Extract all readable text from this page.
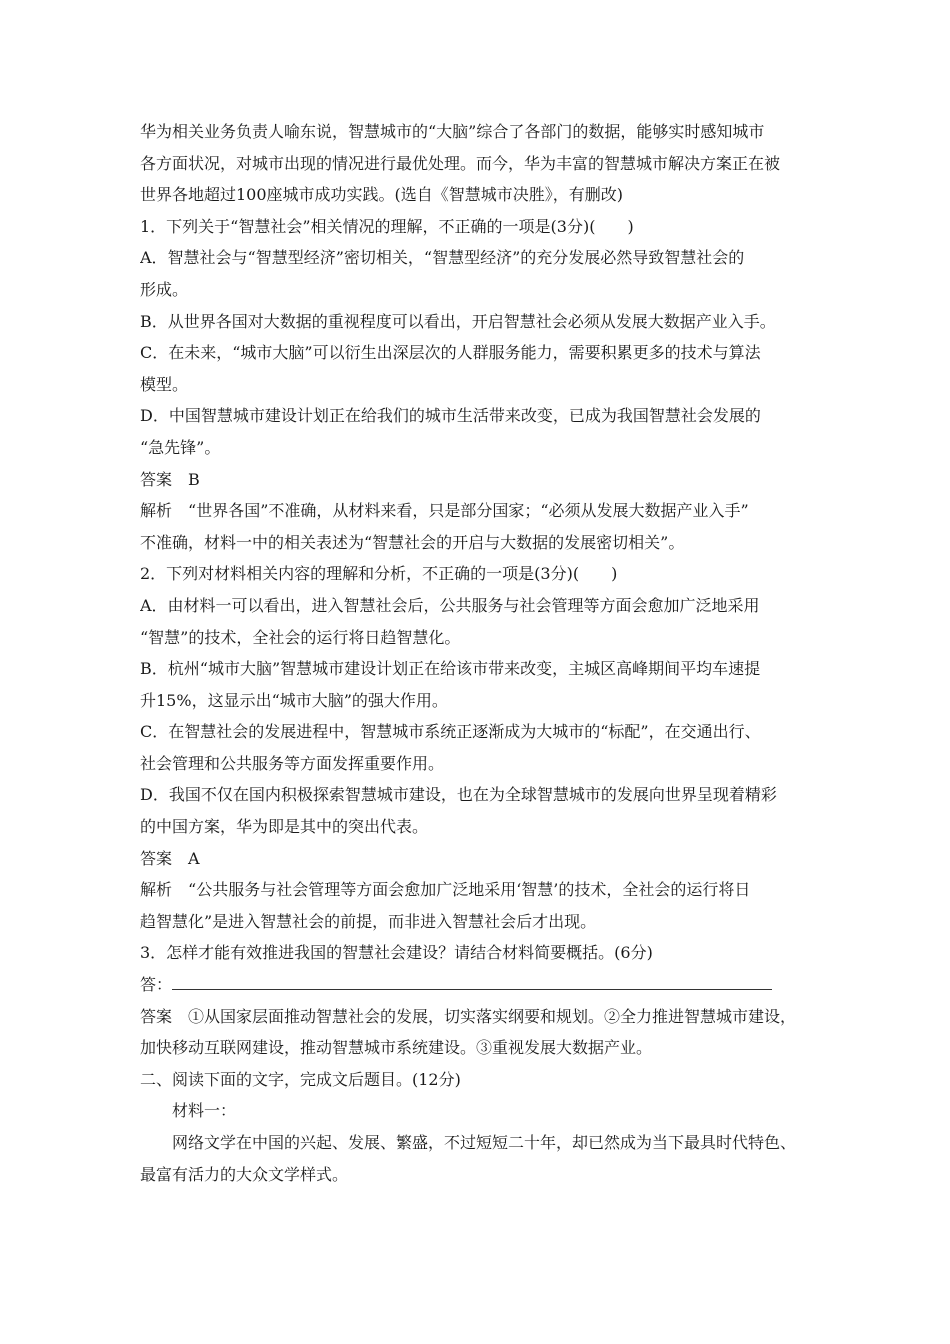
华为相关业务负责人喻东说，智慧城市的“大脑”综合了各部门的数据，能够实时感知城市
各方面状况，对城市出现的情况进行最优处理。而今，华为丰富的智慧城市解决方案正在被
世界各地超过100座城市成功实践。(选自《智慧城市决胜》，有删改)
1．下列关于“智慧社会”相关情况的理解，不正确的一项是(3分)(　　)
A．智慧社会与“智慧型经济”密切相关，“智慧型经济”的充分发展必然导致智慧社会的
形成。
B．从世界各国对大数据的重视程度可以看出，开启智慧社会必须从发展大数据产业入手。
C．在未来，“城市大脑”可以衍生出深层次的人群服务能力，需要积累更多的技术与算法
模型。
D．中国智慧城市建设计划正在给我们的城市生活带来改变，已成为我国智慧社会发展的
“急先锋”。
答案 B
解析 “世界各国”不准确，从材料来看，只是部分国家；“必须从发展大数据产业入手”
不准确，材料一中的相关表述为“智慧社会的开启与大数据的发展密切相关”。
2．下列对材料相关内容的理解和分析，不正确的一项是(3分)(　　)
A．由材料一可以看出，进入智慧社会后，公共服务与社会管理等方面会愈加广泛地采用
“智慧”的技术，全社会的运行将日趋智慧化。
B．杭州“城市大脑”智慧城市建设计划正在给该市带来改变，主城区高峰期间平均车速提
升15%，这显示出“城市大脑”的强大作用。
C．在智慧社会的发展进程中，智慧城市系统正逐渐成为大城市的“标配”，在交通出行、
社会管理和公共服务等方面发挥重要作用。
D．我国不仅在国内积极探索智慧城市建设，也在为全球智慧城市的发展向世界呈现着精彩
的中国方案，华为即是其中的突出代表。
答案 A
解析 “公共服务与社会管理等方面会愈加广泛地采用‘智慧’的技术，全社会的运行将日
趋智慧化”是进入智慧社会的前提，而非进入智慧社会后才出现。
3．怎样才能有效推进我国的智慧社会建设？请结合材料简要概括。(6分)
答：
答案 ①从国家层面推动智慧社会的发展，切实落实纲要和规划。②全力推进智慧城市建设，
加快移动互联网建设，推动智慧城市系统建设。③重视发展大数据产业。
二、阅读下面的文字，完成文后题目。(12分)
材料一：
网络文学在中国的兴起、发展、繁盛，不过短短二十年，却已然成为当下最具时代特色、
最富有活力的大众文学样式。
